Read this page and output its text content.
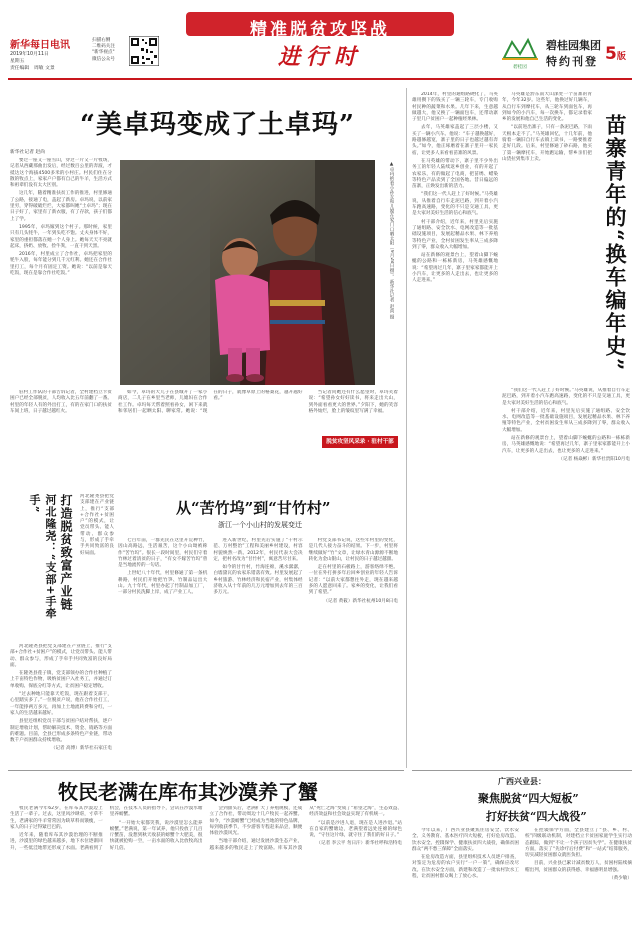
新华每日电讯
2019年10月11日
星期五
责任编辑　周敏 文景
扫描右侧
二维码关注
"新华视点"
微信公众号
精准脱贫攻坚战
进行时	碧桂园
碧桂园集团
特约刊登 5版
“美卓玛变成了土卓玛”
新华社记者 赵尚

要过一座又一座雪山，穿过一片又一片牧场，记者从西藏那曲出发后，经过数百公里的奔波，才抵达这个海拔4500多米的小村庄。村民们住在分散的牧点上，家家户户都有自己的牛羊，生活方式和祖辈们没有太大区别。

这几年，随着精准扶贫工作的推进，村里修通了公路，接通了电，盖起了新房。卓玛说，以前家里穷，穿得破破烂烂，大家都叫她“土卓玛”；现在日子好了，家里有了新衣服，有了存款，孩子们都上了学。

1995年，卓玛嫁到这个村子。那时候，家里只有几头牦牛，一年到头吃不饱。丈夫身体不好，家里的重担都落在她一个人身上。她每天天不亮就起床，挤奶、放牧、捡牛粪，一直干到天黑。

2016年，村里成立了合作社，卓玛把家里的牦牛入股，每年能分到几千元红利。她还在合作社里打工，每个月有固定工资。她说：“以前是靠天吃饭，现在是靠合作社吃饭。”	▲卓玛抱着小孙女和儿媳在家门口晒太阳（9月28日摄）。新华社记者 赵尚 摄

驻村工作队的干部告诉记者，全村建档立卡贫困户已经全部脱贫，人均收入比五年前翻了一番。村里的年轻人有的外出打工，有的在家门口的扶贫车间上班，日子越过越红火。

如今，卓玛的大儿子在县城开了一家小商店，二儿子在乡里当老师，儿媳妇在合作社工作。卓玛每天帮着照看孙女，闲下来就和邻居们一起晒太阳、聊家常。她说：“现在的日子，就像草原上的格桑花，越开越好看。”

当记者问她还有什么愿望时，卓玛笑着说：“希望孙女好好读书，将来走出大山，到外面看看更大的世界。”夕阳下，她的笑容格外灿烂，脸上的皱纹里写满了幸福。

脱贫攻坚风采录 · 驻村干部
从“苦竹坞”到“甘竹村”
浙江一个小山村的发展变迁

七百年前，一群先民在这里开荒种竹，因山高路远，生活艰苦，这个小山坳被称作“苦竹坞”。很长一段时间里，村民们守着竹林过着清贫的日子，“有女不嫁苦竹坞”曾是当地流传的一句话。

上世纪八十年代，村里修通了第一条机耕路，村民们开始把竹笋、竹制品运出大山。九十年代，村里办起了竹制品加工厂，一部分村民洗脚上岸，成了产业工人。

进入新世纪，村里先后实施了“千村示范、万村整治”工程和美丽乡村建设，村容村貌焕然一新。2012年，村民代表大会决定，把村名改为“甘竹村”，寓意苦尽甘来。

如今的甘竹村，竹海连绵，溪水潺潺，白墙黛瓦的农家乐错落有致。村里发展起了乡村旅游、竹林经济和民宿产业，村集体经济收入从十年前的几万元增加到去年的三百多万元。

村党支部书记说，这些年村里的变化，是几代人接力奋斗的结果。下一步，村里将继续做好“竹”文章，让绿水青山源源不断地转化为金山银山，让村民的日子越过越甜。

走在村里的石板路上，游客络绎不绝。一位在外打拼多年后回乡创业的年轻人告诉记者：“以前大家都想往外走，现在越来越多的人愿意回来了。家乡的变化，让我们看到了希望。”

（记者 黄筱）新华社杭州10月8日电

打造脱贫致富产业链
河北隆尧：“支部+手牵手”

河北隆尧县把党支部建在产业链上，推行“支部+合作社+贫困户”的模式，让党员带头、能人带动、群众参与，形成了手牵手共同致富的良好局面。

在隆尧县莲子镇，党支部领办的合作社种植了上千亩特色作物，吸纳贫困户入社务工，并通过订单收购、保底分红等方式，让贫困户稳定增收。

“过去种地只能靠天吃饭，现在跟着支部干，心里踏实多了。”一位脱贫户说，他在合作社打工，一年能挣两万多元，再加上土地流转费和分红，一家人的生活越来越好。

县里还组织党员干部与贫困户结对帮扶，逐户制定增收计划，帮助解决技术、资金、销路等方面的难题。目前，全县已形成多条特色产业链，带动数千户贫困群众持续增收。

（记者 高博）新华社石家庄电

河北隆尧县把党支部建在产业链上，推行“支部+合作社+贫困户”的模式，让党员带头、能人带动、群众参与，形成了手牵手共同致富的良好局面。

苗寨青年的“换车编年史”

马英雄是黔东南大山深处一个苗寨的青年，今年32岁。这些年，他换过好几辆车，从自行车到摩托车，从三轮车到面包车，再到如今的小汽车，每一次换车，都记录着家乡的发展和他自己生活的变化。

“以前进出寨子，只有一条泥巴路，下雨天根本走不了。”马英雄回忆，十几年前，他骑着一辆旧自行车去镇上读书，一路要推着走好几段。后来，村里修通了砂石路，他买了第一辆摩托车，开始跑运输，帮乡亲们把山货拉到集市上卖。

2014年，村里的通组路硬化了，马英雄用攒下的钱买了一辆三轮车，专门收购村民种的蔬菜和水果。几年下来，生意越做越大，他又换了一辆面包车，还带动寨子里几户贫困户一起种植经果林。

去年，马英雄家盖起了三层小楼，又买了一辆小汽车。他说：“车子越换越好，路越修越宽，寨子里的日子也越过越有奔头。”如今，他正琢磨着在寨子里开一家民宿，让更多人来看看苗寨的风景。

在马英雄的带动下，寨子里不少外出务工的年轻人陆续返乡创业，有的开起了农家乐，有的做起了电商，把苗绣、蜡染等特色产品卖到了全国各地。昔日偏远的苗寨，正焕发出新的活力。

“我们这一代人赶上了好时候。”马英雄说，从推着自行车走泥巴路，到开着小汽车跑高速路，变化的不只是交通工具，更是大家对美好生活的信心和底气。

村干部介绍，近年来，村里先后实施了通组路、安全饮水、电网改造等一批基础设施项目，发展起精品水果、林下养殖等特色产业，全村贫困发生率从三成多降到了零，群众收入大幅增加。

站在新修的观景台上，望着山脚下蜿蜒的公路和一栋栋新房，马英雄感慨地说：“希望再过几年，寨子里家家都能开上小汽车，让更多的人走出去，也让更多的人走进来。”

“我们这一代人赶上了好时候。”马英雄说，从推着自行车走泥巴路，到开着小汽车跑高速路，变化的不只是交通工具，更是大家对美好生活的信心和底气。

村干部介绍，近年来，村里先后实施了通组路、安全饮水、电网改造等一批基础设施项目，发展起精品水果、林下养殖等特色产业，全村贫困发生率从三成多降到了零，群众收入大幅增加。

站在新修的观景台上，望着山脚下蜿蜒的公路和一栋栋新房，马英雄感慨地说：“希望再过几年，寨子里家家都能开上小汽车，让更多的人走出去，也让更多的人走进来。”

（记者 杨焱彬）新华社贵阳10月电

广西兴业县：
聚焦脱贫“四大短板”
打好扶贫“四大战役”

今年以来，广西兴业县聚焦住房安全、饮水安全、义务教育、基本医疗四大短板，打好危房改造、饮水安全、控辍保学、健康扶贫四大战役，确保贫困群众“两不愁三保障”全面落实。

在危房改造方面，县里组织技术人员逐户排查，对鉴定为危房的农户实行“一户一策”，确保应改尽改。在饮水安全方面，新建和改造了一批农村饮水工程，让贫困村群众喝上了放心水。

在控辍保学方面，全县建立了“县、乡、村、校”四级联动机制，对建档立卡贫困家庭学生实行动态跟踪，做到“不让一个孩子因贫失学”。在健康扶贫方面，落实了“先诊疗后付费”和“一站式”结算服务，切实减轻贫困群众就医负担。

目前，兴业县已累计减贫数万人，贫困村陆续摘帽出列，贫困群众的获得感、幸福感明显增强。

（黄少敏）

牧民老满在库布其沙漠养了蟹

牧民老满今年62岁，在库布其沙漠边上生活了一辈子。过去，这里风沙肆虐，寸草不生，老满家的牛羊常常因为缺草料而饿瘦，一家人的日子过得紧巴巴的。

近年来，随着库布其沙漠治理的不断推进，沙漠里的绿色越来越多，地下水位逐渐回升，一些低洼地带还形成了水面。老满看到了机会，在技术人员的指导下，尝试在沙漠水塘里养螃蟹。

“一开始大家都笑我，说沙漠里怎么能养螃蟹。”老满说，第一年试养，他只投放了几百斤蟹苗，没想到秋天收获的螃蟹个大肥美，很快就被抢购一空，一亩水面的收入比放牧高出好几倍。

尝到甜头后，老满扩大了养殖规模，还成立了合作社，带动周边十几户牧民一起养蟹。如今，“沙漠螃蟹”已经成为当地的特色品牌，每到收获季节，不少游客专程赶来品尝，顺便体验沙漠风光。

当地干部介绍，通过发展沙漠生态产业，越来越多的牧民走上了致富路。库布其沙漠从“死亡之海”变成了“希望之海”，生态效益、经济效益和社会效益实现了有机统一。

“以前是沙进人退，现在是人进沙退。”站在自家的蟹塘边，老满望着远处连绵的绿色说，“守住这片绿，就守住了我们的好日子。”

（记者 李云平 勿日汗）新华社呼和浩特电
